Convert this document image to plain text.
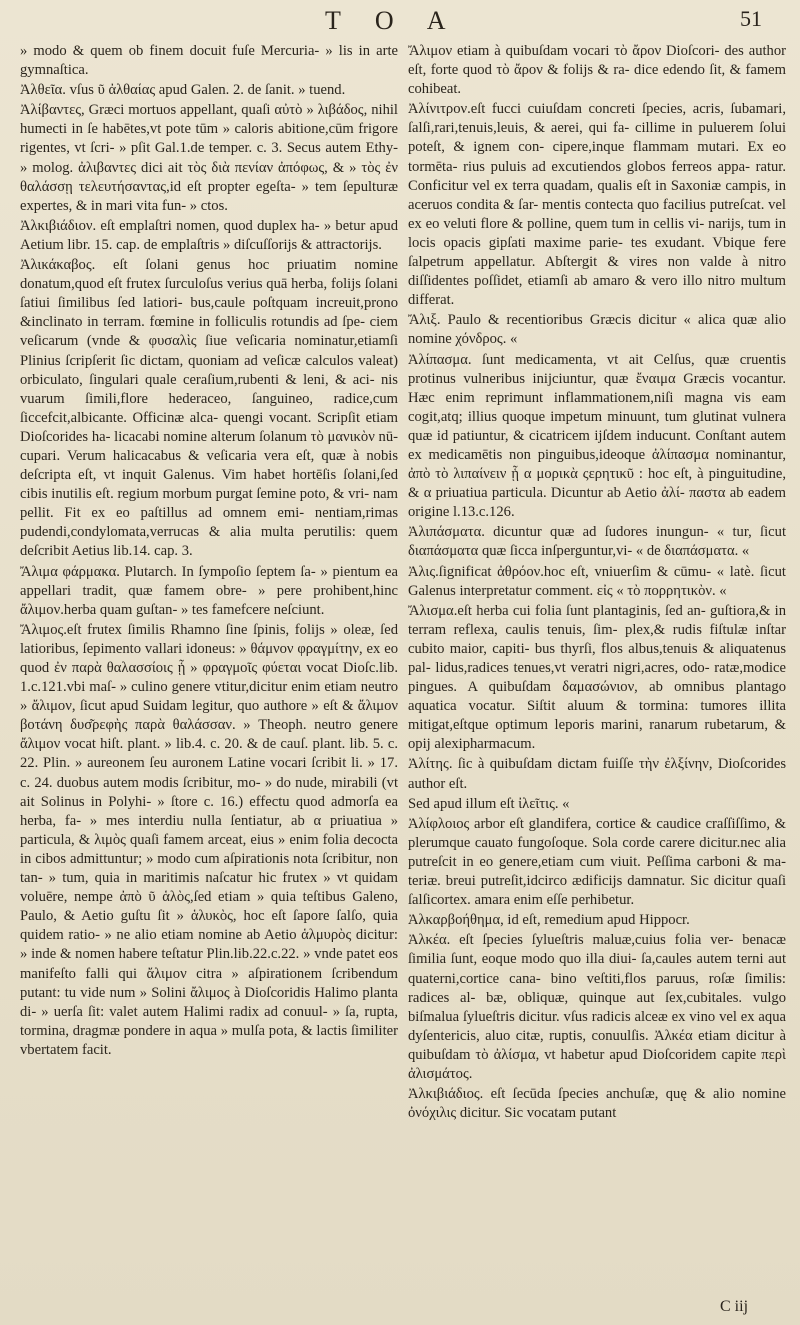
T O A	51

» modo & quem ob finem docuit fuſe Mercuria- » lis in arte gymnaſtica.

Ἀλθεῖα. vſus ῦ ἀλθαίας apud Galen. 2. de ſanit. » tuend.

Ἀλίβαντες, Græci mortuos appellant, quaſi αὐτὸ » λιβάδος, nihil humecti in ſe habētes,vt pote tūm » caloris abitione,cūm frigore rigentes, vt ſcri- » pſit Gal.1.de temper. c. 3. Secus autem Ethy- » molog. ἀλιβαντες dici ait τὸς διὰ πενίαν ἀπόφως, & » τὸς ἐν θαλάσσῃ τελευτήσαντας,id eſt propter egeſta- » tem ſepulturæ expertes, & in mari vita fun- » ctos.

Ἀλκιβιάδιον. eſt emplaſtri nomen, quod duplex ha- » betur apud Aetium libr. 15. cap. de emplaſtris » diſcuſſorijs & attractorijs.

Ἀλικάκαβος. eſt ſolani genus hoc priuatim nomine donatum,quod eſt frutex ſurculoſus verius quā herba, folijs ſolani ſatiui ſimilibus ſed latiori- bus,caule poſtquam increuit,prono &inclinato in terram. fœmine in folliculis rotundis ad ſpe- ciem veſicarum (vnde & φυσαλὶς ſiue veſicaria nominatur,etiamſi Plinius ſcripſerit ſic dictam, quoniam ad veſicæ calculos valeat) orbiculato, ſingulari quale ceraſium,rubenti & leni, & aci- nis vuarum ſimili,flore hederaceo, ſanguineo, radice,cum ſiccefcit,albicante. Officinæ alca- quengi vocant. Scripſit etiam Dioſcorides ha- licacabi nomine alterum ſolanum τὸ μανικὸν nū- cupari. Verum halicacabus & veſicaria vera eſt, quæ à nobis deſcripta eſt, vt inquit Galenus. Vim habet hortēſis ſolani,ſed cibis inutilis eſt. regium morbum purgat ſemine poto, & vri- nam pellit. Fit ex eo paſtillus ad omnem emi- nentiam,rimas pudendi,condylomata,verrucas & alia multa perutilis: quem deſcribit Aetius lib.14. cap. 3.

Ἄλιμα φάρμακα. Plutarch. In ſympoſio ſeptem ſa- » pientum ea appellari tradit, quæ famem obre- » pere prohibent,hinc ἄλιμον.herba quam guſtan- » tes famefcere neſciunt.

Ἄλιμος.eſt frutex ſimilis Rhamno ſine ſpinis, folijs » oleæ, ſed latioribus, ſepimento vallari idoneus: » θάμνον φραγμίτην, ex eo quod ἐν παρὰ θαλασσίοις ᾗ » φραγμοῖς φύεται vocat Dioſc.lib. 1.c.121.vbi maſ- » culino genere vtitur,dicitur enim etiam neutro » ἄλιμον, ſicut apud Suidam legitur, quo authore » eſt & ἄλιμον βοτάνη δυσ͂ρεφὴς παρὰ θαλάσσαν. » Theoph. neutro genere ἄλιμον vocat hiſt. plant. » lib.4. c. 20. & de cauſ. plant. lib. 5. c. 22. Plin. » aureonem ſeu auronem Latine vocari ſcribit li. » 17. c. 24. duobus autem modis ſcribitur, mo- » do nude, mirabili (vt ait Solinus in Polyhi- » ſtore c. 16.) effectu quod admorſa ea herba, fa- » mes interdiu nulla ſentiatur, ab α priuatiua » particula, & λιμὸς quaſi famem arceat, eius » enim folia decocta in cibos admittuntur; » modo cum aſpirationis nota ſcribitur, non tan- » tum, quia in maritimis naſcatur hic frutex » vt quidam voluēre, nempe ἀπὸ ῦ ἁλὸς,ſed etiam » quia teſtibus Galeno, Paulo, & Aetio guſtu ſit » ἁλυκὸς, hoc eſt ſapore ſalſo, quia quidem ratio- » ne alio etiam nomine ab Aetio ἁλμυρὸς dicitur: » inde & nomen habere teſtatur Plin.lib.22.c.22. » vnde patet eos manifeſto falli qui ἄλιμον citra » aſpirationem ſcribendum putant: tu vide num » Solini ἄλιμος à Dioſcoridis Halimo planta di- » uerſa ſit: valet autem Halimi radix ad conuul- » ſa, rupta, tormina, dragmæ pondere in aqua » mulſa pota, & lactis ſimiliter vbertatem facit.

Ἄλιμον etiam à quibuſdam vocari τὸ ἄρον Dioſcori- des author eſt, forte quod τὸ ἄρον & folijs & ra- dice edendo ſit, & famem cohibeat.

Ἀλίνιτρον.eſt fucci cuiuſdam concreti ſpecies, acris, ſubamari, ſalſi,rari,tenuis,leuis, & aerei, qui fa- cillime in puluerem ſolui poteſt, & ignem con- cipere,inque flammam mutari. Ex eo tormēta- rius puluis ad excutiendos globos ferreos appa- ratur. Conficitur vel ex terra quadam, qualis eſt in Saxoniæ campis, in aceruos condita & ſar- mentis contecta quo facilius putreſcat. vel ex eo veluti flore & polline, quem tum in cellis vi- narijs, tum in locis opacis gipſati maxime parie- tes exudant. Vbique fere ſalpetrum appellatur. Abſtergit & vires non valde à nitro diſſidentes poſſidet, etiamſi ab amaro & vero illo nitro multum differat.

Ἄλιξ. Paulo & recentioribus Græcis dicitur « alica quæ alio nomine χόνδρος. «

Ἀλίπασμα. ſunt medicamenta, vt ait Celſus, quæ cruentis protinus vulneribus inijciuntur, quæ ἔναιμα Græcis vocantur. Hæc enim reprimunt inflammationem,niſi magna vis eam cogit,atq; illius quoque impetum minuunt, tum glutinat vulnera quæ id patiuntur, & cicatricem ijſdem inducunt. Conſtant autem ex medicamētis non pinguibus,ideoque ἀλίπασμα nominantur, ἀπὸ τὸ λιπαίνειν ᾗ α μορικὰ ςερητικῦ : hoc eſt, à pinguitudine, & α priuatiua particula. Dicuntur ab Aetio ἀλί- παστα ab eadem origine l.13.c.126.

Ἀλιπάσματα. dicuntur quæ ad ſudores inungun- « tur, ſicut διαπάσματα quæ ſicca inſperguntur,vi- « de διαπάσματα. «

Ἀλις.ſignificat ἀθρόον.hoc eſt, vniuerſim & cūmu- « latè. ſicut Galenus interpretatur comment. εἰς « τὸ πορρητικὸν. «

Ἄλισμα.eſt herba cui folia ſunt plantaginis, ſed an- guſtiora,& in terram reflexa, caulis tenuis, ſim- plex,& rudis fiſtulæ inſtar cubito maior, capiti- bus thyrſi, flos albus,tenuis & aliquatenus pal- lidus,radices tenues,vt veratri nigri,acres, odo- ratæ,modice pingues. A quibuſdam δαμασώνιον, ab omnibus plantago aquatica vocatur. Siſtit aluum & tormina: tumores illita mitigat,eſtque optimum leporis marini, ranarum rubetarum, & opij alexipharmacum.

Ἀλίτης. ſic à quibuſdam dictam fuiſſe τὴν ἐλξίνην, Dioſcorides author eſt.

Sed apud illum eſt ἰλεῖτις. «

Ἀλίφλοιος arbor eſt glandifera, cortice & caudice craſſiſſimo, & plerumque cauato fungoſoque. Sola corde carere dicitur.nec alia putreſcit in eo genere,etiam cum viuit. Peſſima carboni & ma- teriæ. breui putreſit,idcirco ædificijs damnatur. Sic dicitur quaſi ſalſicortex. amara enim eſſe perhibetur.

Ἀλκαρβοήθημα, id eſt, remedium apud Hippocr.

Ἀλκέα. eſt ſpecies ſylueſtris maluæ,cuius folia ver- benacæ ſimilia ſunt, eoque modo quo illa diui- ſa,caules autem terni aut quaterni,cortice cana- bino veſtiti,flos paruus, roſæ ſimilis: radices al- bæ, obliquæ, quinque aut ſex,cubitales. vulgo biſmalua ſylueſtris dicitur. vſus radicis alceæ ex vino vel ex aqua dyſentericis, aluo citæ, ruptis, conuulſis. Ἀλκέα etiam dicitur à quibuſdam τὸ ἀλίσμα, vt habetur apud Dioſcoridem capite περὶ ἀλισμάτος.

Ἀλκιβιάδιος. eſt ſecūda ſpecies anchuſæ, quę & alio nomine ὀνόχιλις dicitur. Sic vocatam putant

C iij
